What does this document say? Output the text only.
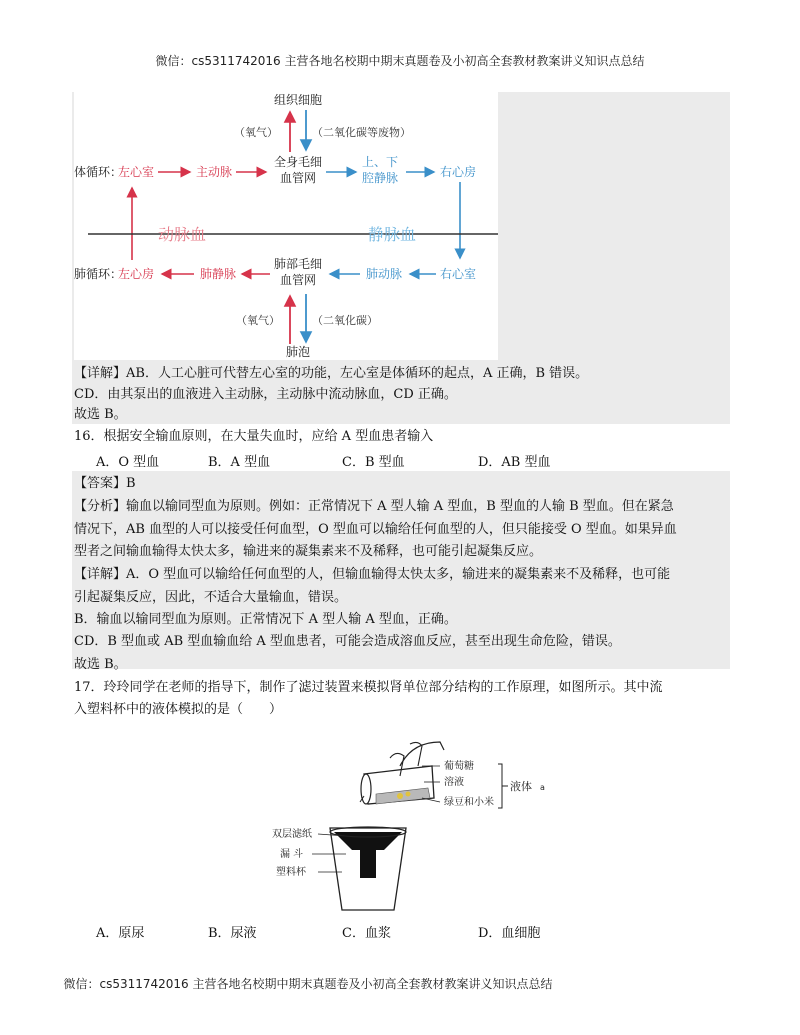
微信：cs5311742016 主营各地名校期中期末真题卷及小初高全套教材教案讲义知识点总结
组织细胞
（氧气）	（二氧化碳等废物）
体循环：
左心室	主动脉
全身毛细
血管网
上、下
腔静脉	右心房
动脉血	静脉血
肺循环：
左心房	肺静脉
肺部毛细
血管网	肺动脉	右心室
（氧气）	（二氧化碳）
肺泡
【详解】AB．人工心脏可代替左心室的功能，左心室是体循环的起点，A 正确，B 错误。
CD．由其泵出的血液进入主动脉，主动脉中流动脉血，CD 正确。
故选 B。
16．根据安全输血原则，在大量失血时，应给 A 型血患者输入
A．O 型血	B．A 型血	C．B 型血	D．AB 型血
【答案】B
【分析】输血以输同型血为原则。例如：正常情况下 A 型人输 A 型血，B 型血的人输 B 型血。但在紧急
情况下，AB 血型的人可以接受任何血型，O 型血可以输给任何血型的人，但只能接受 O 型血。如果异血
型者之间输血输得太快太多，输进来的凝集素来不及稀释，也可能引起凝集反应。
【详解】A．O 型血可以输给任何血型的人，但输血输得太快太多，输进来的凝集素来不及稀释，也可能
引起凝集反应，因此，不适合大量输血，错误。
B．输血以输同型血为原则。正常情况下 A 型人输 A 型血，正确。
CD．B 型血或 AB 型血输血给 A 型血患者，可能会造成溶血反应，甚至出现生命危险，错误。
故选 B。
17．玲玲同学在老师的指导下，制作了滤过装置来模拟肾单位部分结构的工作原理，如图所示。其中流
入塑料杯中的液体模拟的是（　　）
葡萄糖
溶液
绿豆和小米
液体 a
双层滤纸
漏 斗
塑料杯
A．原尿	B．尿液	C．血浆	D．血细胞
微信：cs5311742016 主营各地名校期中期末真题卷及小初高全套教材教案讲义知识点总结
